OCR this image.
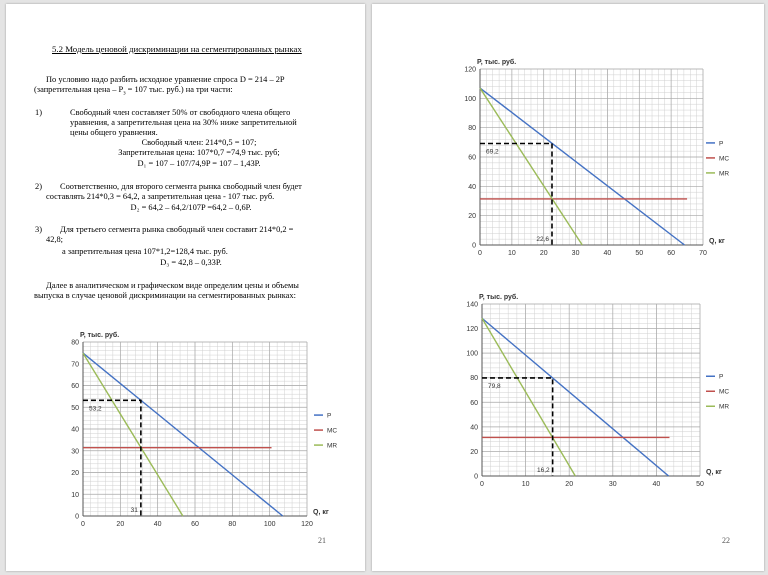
5.2 Модель ценовой дискриминации на сегментированных рынках
По условию надо разбить исходное уравнение спроса D = 214 – 2P
(запретительная цена – $P_з = 107$ тыс. руб.) на три части:
1)	Свободный член составляет 50% от свободного члена общего
уравнения, а запретительная цена на 30% ниже запретительной
цены общего уравнения.
Свободный член: 214*0,5 = 107;
Запретительная цена: 107*0,7 =74,9 тыс. руб;
D₁ = 107 – 107/74,9P = 107 – 1,43P.
2) Соответственно, для второго сегмента рынка свободный член будет
составлять 214*0,3 = 64,2, а запретительная цена - 107 тыс. руб.
D₂ = 64,2 – 64,2/107P =64,2 – 0,6P.
3) Для третьего сегмента рынка свободный член составит 214*0,2 =
42,8;
а запретительная цена 107*1,2=128,4 тыс. руб.
D₃ = 42,8 – 0,33P.
Далее в аналитическом и графическом виде определим цены и объемы
выпуска в случае ценовой дискриминации на сегментированных рынках:
0	20	40	60	80	100	120
0
10
20
30
40
50
60
70
80
P, тыс. руб.
Q, кг
53,2
31
P
MC
MR
21
0	10	20	30	40	50	60	70
0
20
40
60
80
100
120
P, тыс. руб.
Q, кг
69,2
22,6
P
MC
MR
0	10	20	30	40	50
0
20
40
60
80
100
120
140
P, тыс. руб.
Q, кг
79,8
16,2
P
MC
MR
22
